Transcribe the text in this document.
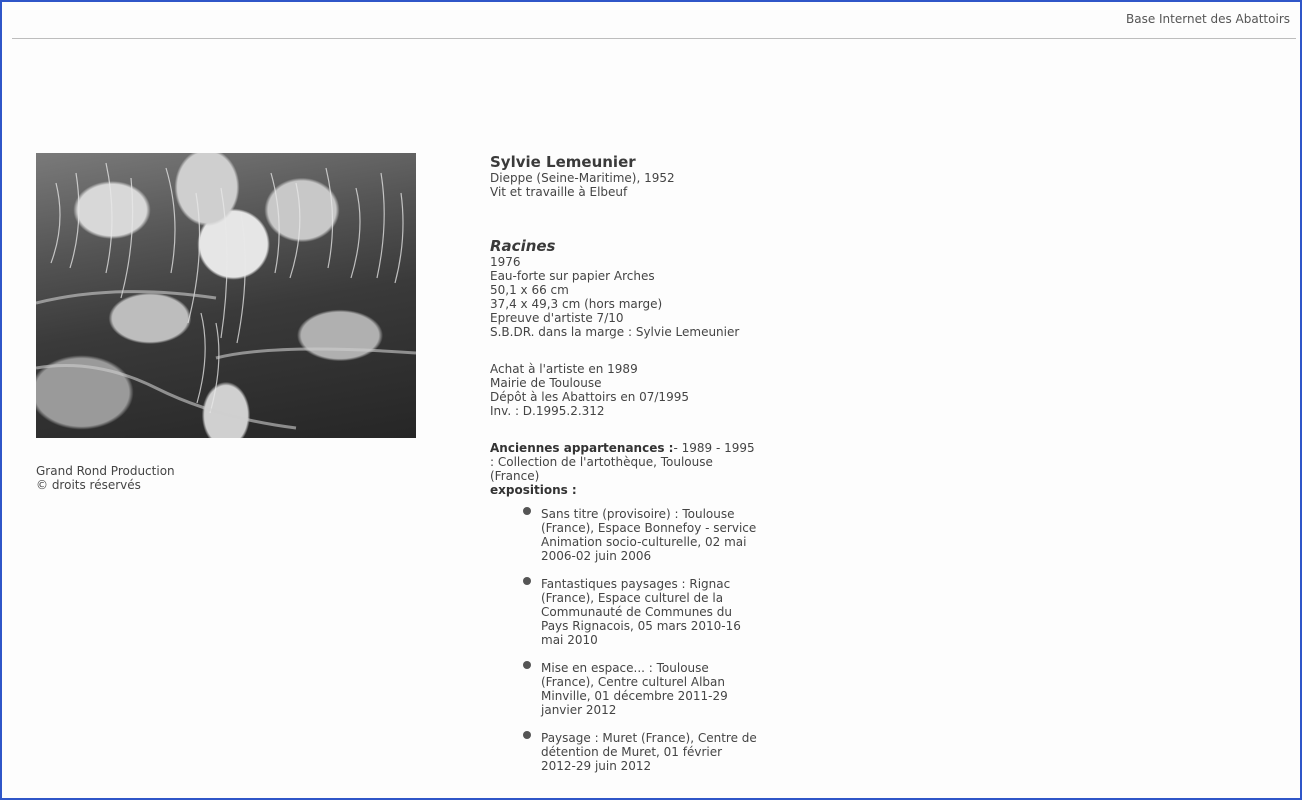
Base Internet des Abattoirs
Grand Rond Production
© droits réservés
Sylvie Lemeunier
Dieppe (Seine-Maritime), 1952
Vit et travaille à Elbeuf
Racines
1976
Eau-forte sur papier Arches
50,1 x 66 cm
37,4 x 49,3 cm (hors marge)
Epreuve d'artiste 7/10
S.B.DR. dans la marge : Sylvie Lemeunier
Achat à l'artiste en 1989
Mairie de Toulouse
Dépôt à les Abattoirs en 07/1995
Inv. : D.1995.2.312
Anciennes appartenances :- 1989 - 1995 : Collection de l'artothèque, Toulouse (France)
expositions :
Sans titre (provisoire) : Toulouse (France), Espace Bonnefoy - service Animation socio-culturelle, 02 mai 2006-02 juin 2006
Fantastiques paysages : Rignac (France), Espace culturel de la Communauté de Communes du Pays Rignacois, 05 mars 2010-16 mai 2010
Mise en espace... : Toulouse (France), Centre culturel Alban Minville, 01 décembre 2011-29 janvier 2012
Paysage : Muret (France), Centre de détention de Muret, 01 février 2012-29 juin 2012
